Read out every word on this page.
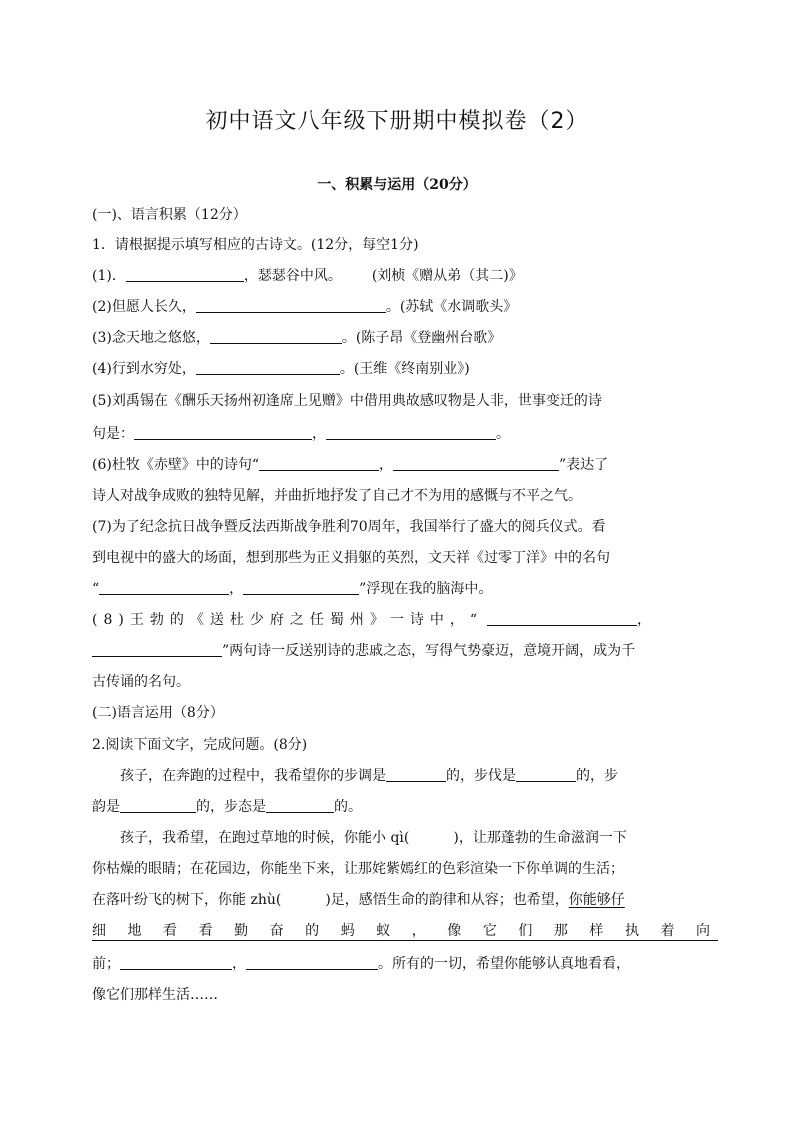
初中语文八年级下册期中模拟卷（2）
一、积累与运用（20分）
(一)、语言积累（12分）
1．请根据提示填写相应的古诗文。(12分，每空1分)
(1)．	，瑟瑟谷中风。 (刘桢《赠从弟（其二)》
(2)但愿人长久，	。(苏轼《水调歌头》
(3)念天地之悠悠，	。(陈子昂《登幽州台歌》
(4)行到水穷处，	。(王维《终南别业》)
(5)刘禹锡在《酬乐天扬州初逢席上见赠》中借用典故感叹物是人非，世事变迁的诗
句是：	，	。
(6)杜牧《赤壁》中的诗句“	，	”表达了
诗人对战争成败的独特见解，并曲折地抒发了自己才不为用的感慨与不平之气。
(7)为了纪念抗日战争暨反法西斯战争胜利70周年，我国举行了盛大的阅兵仪式。看
到电视中的盛大的场面，想到那些为正义捐躯的英烈，文天祥《过零丁洋》中的名句
“	，	”浮现在我的脑海中。
(8)王勃的《送杜少府之任蜀州》一诗中，“	，
”两句诗一反送别诗的悲戚之态，写得气势豪迈，意境开阔，成为千
古传诵的名句。
(二)语言运用（8分）
2.阅读下面文字，完成问题。(8分)
孩子，在奔跑的过程中，我希望你的步调是	的，步伐是	的，步
韵是	的，步态是	的。
孩子，我希望，在跑过草地的时候，你能小 qì(	)，让那蓬勃的生命滋润一下
你枯燥的眼睛；在花园边，你能坐下来，让那姹紫嫣红的色彩渲染一下你单调的生活；
在落叶纷飞的树下，你能 zhù(	)足，感悟生命的韵律和从容；也希望，你能够仔
细地看看勤奋的蚂蚁，像它们那样执着向
前；	，	。所有的一切，希望你能够认真地看看，
像它们那样生活……
